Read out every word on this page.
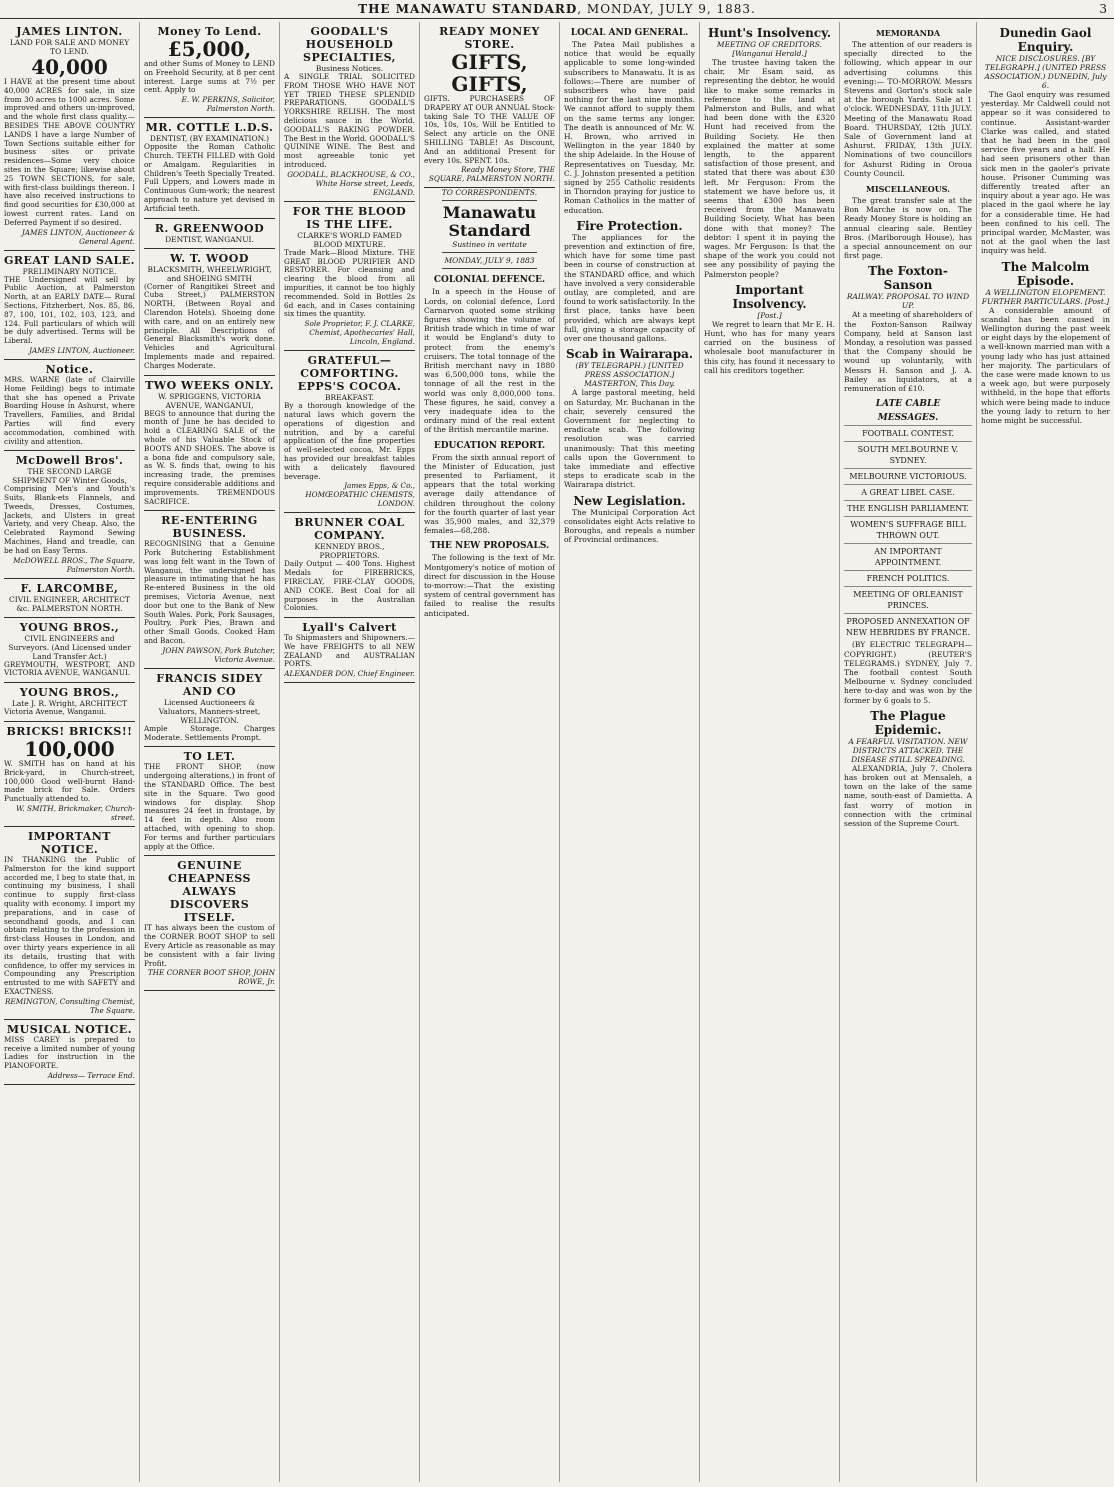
THE MANAWATU STANDARD, MONDAY, JULY 9, 1883.	3
JAMES LINTON.
LAND FOR SALE AND MONEY TO LEND.
40,000
I HAVE at the present time about 40,000 ACRES for sale, in size from 30 acres to 1000 acres. Some improved and others un-improved, and the whole first class quality.—BESIDES THE ABOVE COUNTRY LANDS I have a large Number of Town Sections suitable either for business sites or private residences—Some very choice sites in the Square; likewise about 25 TOWN SECTIONS, for sale, with first-class buildings thereon. I have also received instructions to find good securities for £30,000 at lowest current rates. Land on Deferred Payment if so desired.
JAMES LINTON, Auctioneer & General Agent.
GREAT LAND SALE.
PRELIMINARY NOTICE.
THE Undersigned will sell by Public Auction, at Palmerston North, at an EARLY DATE— Rural Sections, Fitzherbert, Nos. 85, 86, 87, 100, 101, 102, 103, 123, and 124. Full particulars of which will be duly advertised. Terms will be Liberal.
JAMES LINTON, Auctioneer.
Notice.
MRS. WARNE (late of Clairville Home Feilding) begs to intimate that she has opened a Private Boarding House in Ashurst, where Travellers, Families, and Bridal Parties will find every accommodation, combined with civility and attention.
McDowell Bros'.
THE SECOND LARGE SHIPMENT OF Winter Goods,
Comprising Men's and Youth's Suits, Blank-ets Flannels, and Tweeds, Dresses, Costumes, Jackets, and Ulsters in great Variety, and very Cheap. Also, the Celebrated Raymond Sewing Machines, Hand and treadle, can be had on Easy Terms.
McDOWELL BROS., The Square, Palmerston North.
F. LARCOMBE,
CIVIL ENGINEER, ARCHITECT &c. PALMERSTON NORTH.
YOUNG BROS.,
CIVIL ENGINEERS and Surveyors. (And Licensed under Land Transfer Act.)
GREYMOUTH, WESTPORT, AND VICTORIA AVENUE, WANGANUI.
YOUNG BROS.,
Late J. R. Wright, ARCHITECT
Victoria Avenue, Wanganui.
BRICKS! BRICKS!!
100,000
W. SMITH has on hand at his Brick-yard, in Church-street, 100,000 Good well-burnt Hand-made brick for Sale. Orders Punctually attended to.
W. SMITH, Brickmaker, Church-street.
IMPORTANT NOTICE.
IN THANKING the Public of Palmerston for the kind support accorded me, I beg to state that, in continuing my business, I shall continue to supply first-class quality with economy. I import my preparations, and in case of secondhand goods, and I can obtain relating to the profession in first-class Houses in London, and over thirty years experience in all its details, trusting that with confidence, to offer my services in Compounding any Prescription entrusted to me with SAFETY and EXACTNESS.
REMINGTON, Consulting Chemist, The Square.
MUSICAL NOTICE.
MISS CAREY is prepared to receive a limited number of young Ladies for instruction in the PIANOFORTE.
Address— Terrace End.
Money To Lend.
£5,000,
and other Sums of Money to LEND on Freehold Security, at 8 per cent interest. Large sums at 7½ per cent. Apply to
E. W. PERKINS, Solicitor, Palmerston North.
MR. COTTLE L.D.S.
DENTIST, (BY EXAMINATION.)
Opposite the Roman Catholic Church. TEETH FILLED with Gold or Amalgam. Regularities in Children's Teeth Specially Treated. Full Uppers, and Lowers made in Continuous Gum-work; the nearest approach to nature yet devised in Artificial teeth.
R. GREENWOOD
DENTIST, WANGANUI.
W. T. WOOD
BLACKSMITH, WHEELWRIGHT, and SHOEING SMITH
(Corner of Rangitikei Street and Cuba Street,) PALMERSTON NORTH, (Between Royal and Clarendon Hotels). Shoeing done with care, and on an entirely new principle. All Descriptions of General Blacksmith's work done. Vehicles and Agricultural Implements made and repaired. Charges Moderate.
TWO WEEKS ONLY.
W. SPRIGGENS, VICTORIA AVENUE, WANGANUI,
BEGS to announce that during the month of June he has decided to hold a CLEARING SALE of the whole of his Valuable Stock of BOOTS AND SHOES. The above is a bona fide and compulsory sale, as W. S. finds that, owing to his increasing trade, the premises require considerable additions and improvements. TREMENDOUS SACRIFICE.
RE-ENTERING BUSINESS.
RECOGNISING that a Genuine Pork Butchering Establishment was long felt want in the Town of Wanganui, the undersigned has pleasure in intimating that he has Re-entered Business in the old premises, Victoria Avenue, next door but one to the Bank of New South Wales. Pork, Pork Sausages, Poultry, Pork Pies, Brawn and other Small Goods. Cooked Ham and Bacon.
JOHN PAWSON, Pork Butcher, Victoria Avenue.
FRANCIS SIDEY AND CO
Licensed Auctioneers & Valuators, Manners-street, WELLINGTON.
Ample Storage. Charges Moderate. Settlements Prompt.
TO LET.
THE FRONT SHOP, (now undergoing alterations,) in front of the STANDARD Office. The best site in the Square. Two good windows for display. Shop measures 24 feet in frontage, by 14 feet in depth. Also room attached, with opening to shop. For terms and further particulars apply at the Office.
GENUINE CHEAPNESS ALWAYS DISCOVERS ITSELF.
IT has always been the custom of the CORNER BOOT SHOP to sell Every Article as reasonable as may be consistent with a fair living Profit.
THE CORNER BOOT SHOP, JOHN ROWE, Jr.
GOODALL'S HOUSEHOLD SPECIALTIES,
Business Notices.
A SINGLE TRIAL SOLICITED FROM THOSE WHO HAVE NOT YET TRIED THESE SPLENDID PREPARATIONS. GOODALL'S YORKSHIRE RELISH. The most delicious sauce in the World. GOODALL'S BAKING POWDER. The Best in the World. GOODALL'S QUININE WINE. The Best and most agreeable tonic yet introduced.
GOODALL, BLACKHOUSE, & CO., White Horse street, Leeds, ENGLAND.
FOR THE BLOOD IS THE LIFE.
CLARKE'S WORLD FAMED BLOOD MIXTURE.
Trade Mark—Blood Mixture. THE GREAT BLOOD PURIFIER AND RESTORER. For cleansing and clearing the blood from all impurities, it cannot be too highly recommended. Sold in Bottles 2s 6d each, and in Cases containing six times the quantity.
Sole Proprietor, F. J. CLARKE, Chemist, Apothecaries' Hall, Lincoln, England.
GRATEFUL—COMFORTING. EPPS'S COCOA.
BREAKFAST.
By a thorough knowledge of the natural laws which govern the operations of digestion and nutrition, and by a careful application of the fine properties of well-selected cocoa, Mr. Epps has provided our breakfast tables with a delicately flavoured beverage.
James Epps, & Co., HOMŒOPATHIC CHEMISTS, LONDON.
BRUNNER COAL COMPANY.
KENNEDY BROS., PROPRIETORS.
Daily Output — 400 Tons. Highest Medals for FIREBRICKS, FIRECLAY, FIRE-CLAY GOODS, AND COKE. Best Coal for all purposes in the Australian Colonies.
Lyall's Calvert
To Shipmasters and Shipowners.— We have FREIGHTS to all NEW ZEALAND and AUSTRALIAN PORTS.
ALEXANDER DON, Chief Engineer.
READY MONEY STORE.
GIFTS, GIFTS,
GIFTS. PURCHASERS OF DRAPERY AT OUR ANNUAL Stock-taking Sale TO THE VALUE OF 10s, 10s, 10s, Will be Entitled to Select any article on the ONE SHILLING TABLE! As Discount, And an additional Present for every 10s. SPENT. 10s.
Ready Money Store, THE SQUARE, PALMERSTON NORTH.
TO CORRESPONDENTS.
Manawatu Standard
Sustineo in veritate
MONDAY, JULY 9, 1883
COLONIAL DEFENCE.
In a speech in the House of Lords, on colonial defence, Lord Carnarvon quoted some striking figures showing the volume of British trade which in time of war it would be England's duty to protect from the enemy's cruisers. The total tonnage of the British merchant navy in 1880 was 6,500,000 tons, while the tonnage of all the rest in the world was only 8,000,000 tons. These figures, he said, convey a very inadequate idea to the ordinary mind of the real extent of the British mercantile marine.
EDUCATION REPORT.
From the sixth annual report of the Minister of Education, just presented to Parliament, it appears that the total working average daily attendance of children throughout the colony for the fourth quarter of last year was 35,900 males, and 32,379 females—68,288.
THE NEW PROPOSALS.
The following is the text of Mr. Montgomery's notice of motion of direct for discussion in the House to-morrow:—That the existing system of central government has failed to realise the results anticipated.
LOCAL AND GENERAL.
The Patea Mail publishes a notice that would be equally applicable to some long-winded subscribers to Manawatu. It is as follows:—There are number of subscribers who have paid nothing for the last nine months. We cannot afford to supply them on the same terms any longer. The death is announced of Mr. W. H. Brown, who arrived in Wellington in the year 1840 by the ship Adelaide. In the House of Representatives on Tuesday, Mr. C. J. Johnston presented a petition signed by 255 Catholic residents in Thorndon praying for justice to Roman Catholics in the matter of education.
Fire Protection.
The appliances for the prevention and extinction of fire, which have for some time past been in course of construction at the STANDARD office, and which have involved a very considerable outlay, are completed, and are found to work satisfactorily. In the first place, tanks have been provided, which are always kept full, giving a storage capacity of over one thousand gallons.
Scab in Wairarapa.
(BY TELEGRAPH.) [UNITED PRESS ASSOCIATION.] MASTERTON, This Day.
A large pastoral meeting, held on Saturday, Mr. Buchanan in the chair, severely censured the Government for neglecting to eradicate scab. The following resolution was carried unanimously: That this meeting calls upon the Government to take immediate and effective steps to eradicate scab in the Wairarapa district.
New Legislation.
The Municipal Corporation Act consolidates eight Acts relative to Boroughs, and repeals a number of Provincial ordinances.
Hunt's Insolvency.
MEETING OF CREDITORS. [Wanganui Herald.]
The trustee having taken the chair, Mr Esam said, as representing the debtor, he would like to make some remarks in reference to the land at Palmerston and Bulls, and what had been done with the £320 Hunt had received from the Building Society. He then explained the matter at some length, to the apparent satisfaction of those present, and stated that there was about £30 left. Mr Ferguson: From the statement we have before us, it seems that £300 has been received from the Manawatu Building Society. What has been done with that money? The debtor: I spent it in paying the wages. Mr Ferguson: Is that the shape of the work you could not see any possibility of paying the Palmerston people?
Important Insolvency.
[Post.]
We regret to learn that Mr E. H. Hunt, who has for many years carried on the business of wholesale boot manufacturer in this city, has found it necessary to call his creditors together.
MEMORANDA
The attention of our readers is specially directed to the following, which appear in our advertising columns this evening:— TO-MORROW. Messrs Stevens and Gorton's stock sale at the borough Yards. Sale at 1 o'clock. WEDNESDAY, 11th JULY. Meeting of the Manawatu Road Board. THURSDAY, 12th JULY. Sale of Government land at Ashurst. FRIDAY, 13th JULY. Nominations of two councillors for Ashurst Riding in Oroua County Council.
MISCELLANEOUS.
The great transfer sale at the Bon Marche is now on. The Ready Money Store is holding an annual clearing sale. Bentley Bros. (Marlborough House), has a special announcement on our first page.
The Foxton-Sanson
RAILWAY. PROPOSAL TO WIND UP.
At a meeting of shareholders of the Foxton-Sanson Railway Company, held at Sanson last Monday, a resolution was passed that the Company should be wound up voluntarily, with Messrs H. Sanson and J. A. Bailey as liquidators, at a remuneration of £10.
LATE CABLE MESSAGES.
FOOTBALL CONTEST.
SOUTH MELBOURNE V. SYDNEY.
MELBOURNE VICTORIOUS.
A GREAT LIBEL CASE.
THE ENGLISH PARLIAMENT.
WOMEN'S SUFFRAGE BILL THROWN OUT.
AN IMPORTANT APPOINTMENT.
FRENCH POLITICS.
MEETING OF ORLEANIST PRINCES.
PROPOSED ANNEXATION OF NEW HEBRIDES BY FRANCE.
(BY ELECTRIC TELEGRAPH—COPYRIGHT.) (REUTER'S TELEGRAMS.) SYDNEY, July 7. The football contest South Melbourne v. Sydney concluded here to-day and was won by the former by 6 goals to 5.
The Plague Epidemic.
A FEARFUL VISITATION. NEW DISTRICTS ATTACKED. THE DISEASE STILL SPREADING.
ALEXANDRIA, July 7. Cholera has broken out at Mensaleh, a town on the lake of the same name, south-east of Damietta. A fast worry of motion in connection with the criminal session of the Supreme Court.
Dunedin Gaol Enquiry.
NICE DISCLOSURES. [BY TELEGRAPH.] (UNITED PRESS ASSOCIATION.) DUNEDIN, July 6.
The Gaol enquiry was resumed yesterday. Mr Caldwell could not appear so it was considered to continue. Assistant-warder Clarke was called, and stated that he had been in the gaol service five years and a half. He had seen prisoners other than sick men in the gaoler's private house. Prisoner Cumming was differently treated after an inquiry about a year ago. He was placed in the gaol where he lay for a considerable time. He had been confined to his cell. The principal warder, McMaster, was not at the gaol when the last inquiry was held.
The Malcolm Episode.
A WELLINGTON ELOPEMENT. FURTHER PARTICULARS. [Post.]
A considerable amount of scandal has been caused in Wellington during the past week or eight days by the elopement of a well-known married man with a young lady who has just attained her majority. The particulars of the case were made known to us a week ago, but were purposely withheld, in the hope that efforts which were being made to induce the young lady to return to her home might be successful.
